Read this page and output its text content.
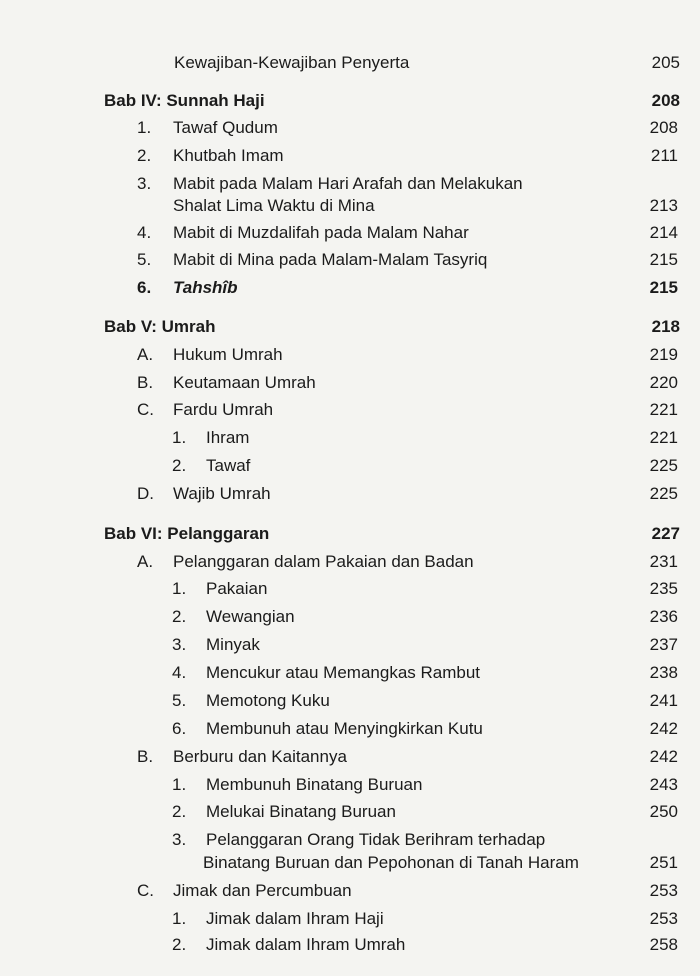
Kewajiban-Kewajiban Penyerta	205
Bab IV: Sunnah Haji	208
1. Tawaf Qudum	208
2. Khutbah Imam	211
3. Mabit pada Malam Hari Arafah dan Melakukan
Shalat Lima Waktu di Mina	213
4. Mabit di Muzdalifah pada Malam Nahar	214
5. Mabit di Mina pada Malam-Malam Tasyriq	215
6. Tahshîb	215
Bab V: Umrah	218
A. Hukum Umrah	219
B. Keutamaan Umrah	220
C. Fardu Umrah	221
1. Ihram	221
2. Tawaf	225
D. Wajib Umrah	225
Bab VI: Pelanggaran	227
A. Pelanggaran dalam Pakaian dan Badan	231
1. Pakaian	235
2. Wewangian	236
3. Minyak	237
4. Mencukur atau Memangkas Rambut	238
5. Memotong Kuku	241
6. Membunuh atau Menyingkirkan Kutu	242
B. Berburu dan Kaitannya	242
1. Membunuh Binatang Buruan	243
2. Melukai Binatang Buruan	250
3. Pelanggaran Orang Tidak Berihram terhadap
Binatang Buruan dan Pepohonan di Tanah Haram	251
C. Jimak dan Percumbuan	253
1. Jimak dalam Ihram Haji	253
2. Jimak dalam Ihram Umrah	258
